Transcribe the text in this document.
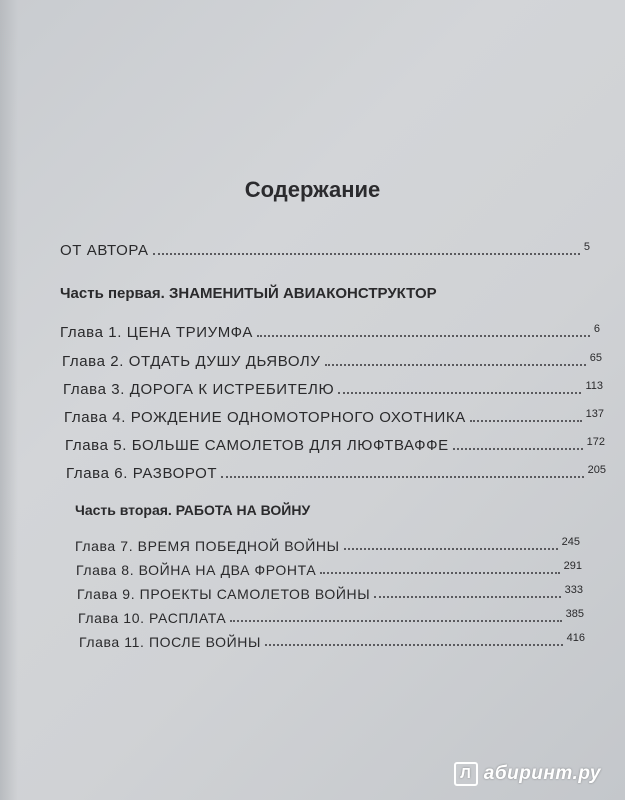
Содержание
ОТ АВТОРА	5
Часть первая. ЗНАМЕНИТЫЙ АВИАКОНСТРУКТОР
Глава 1. ЦЕНА ТРИУМФА	6
Глава 2. ОТДАТЬ ДУШУ ДЬЯВОЛУ	65
Глава 3. ДОРОГА К ИСТРЕБИТЕЛЮ	113
Глава 4. РОЖДЕНИЕ ОДНОМОТОРНОГО ОХОТНИКА	137
Глава 5. БОЛЬШЕ САМОЛЕТОВ ДЛЯ ЛЮФТВАФФЕ	172
Глава 6. РАЗВОРОТ	205
Часть вторая. РАБОТА НА ВОЙНУ
Глава 7. ВРЕМЯ ПОБЕДНОЙ ВОЙНЫ	245
Глава 8. ВОЙНА НА ДВА ФРОНТА	291
Глава 9. ПРОЕКТЫ САМОЛЕТОВ ВОЙНЫ	333
Глава 10. РАСПЛАТА	385
Глава 11. ПОСЛЕ ВОЙНЫ	416
Л абиринт.ру
